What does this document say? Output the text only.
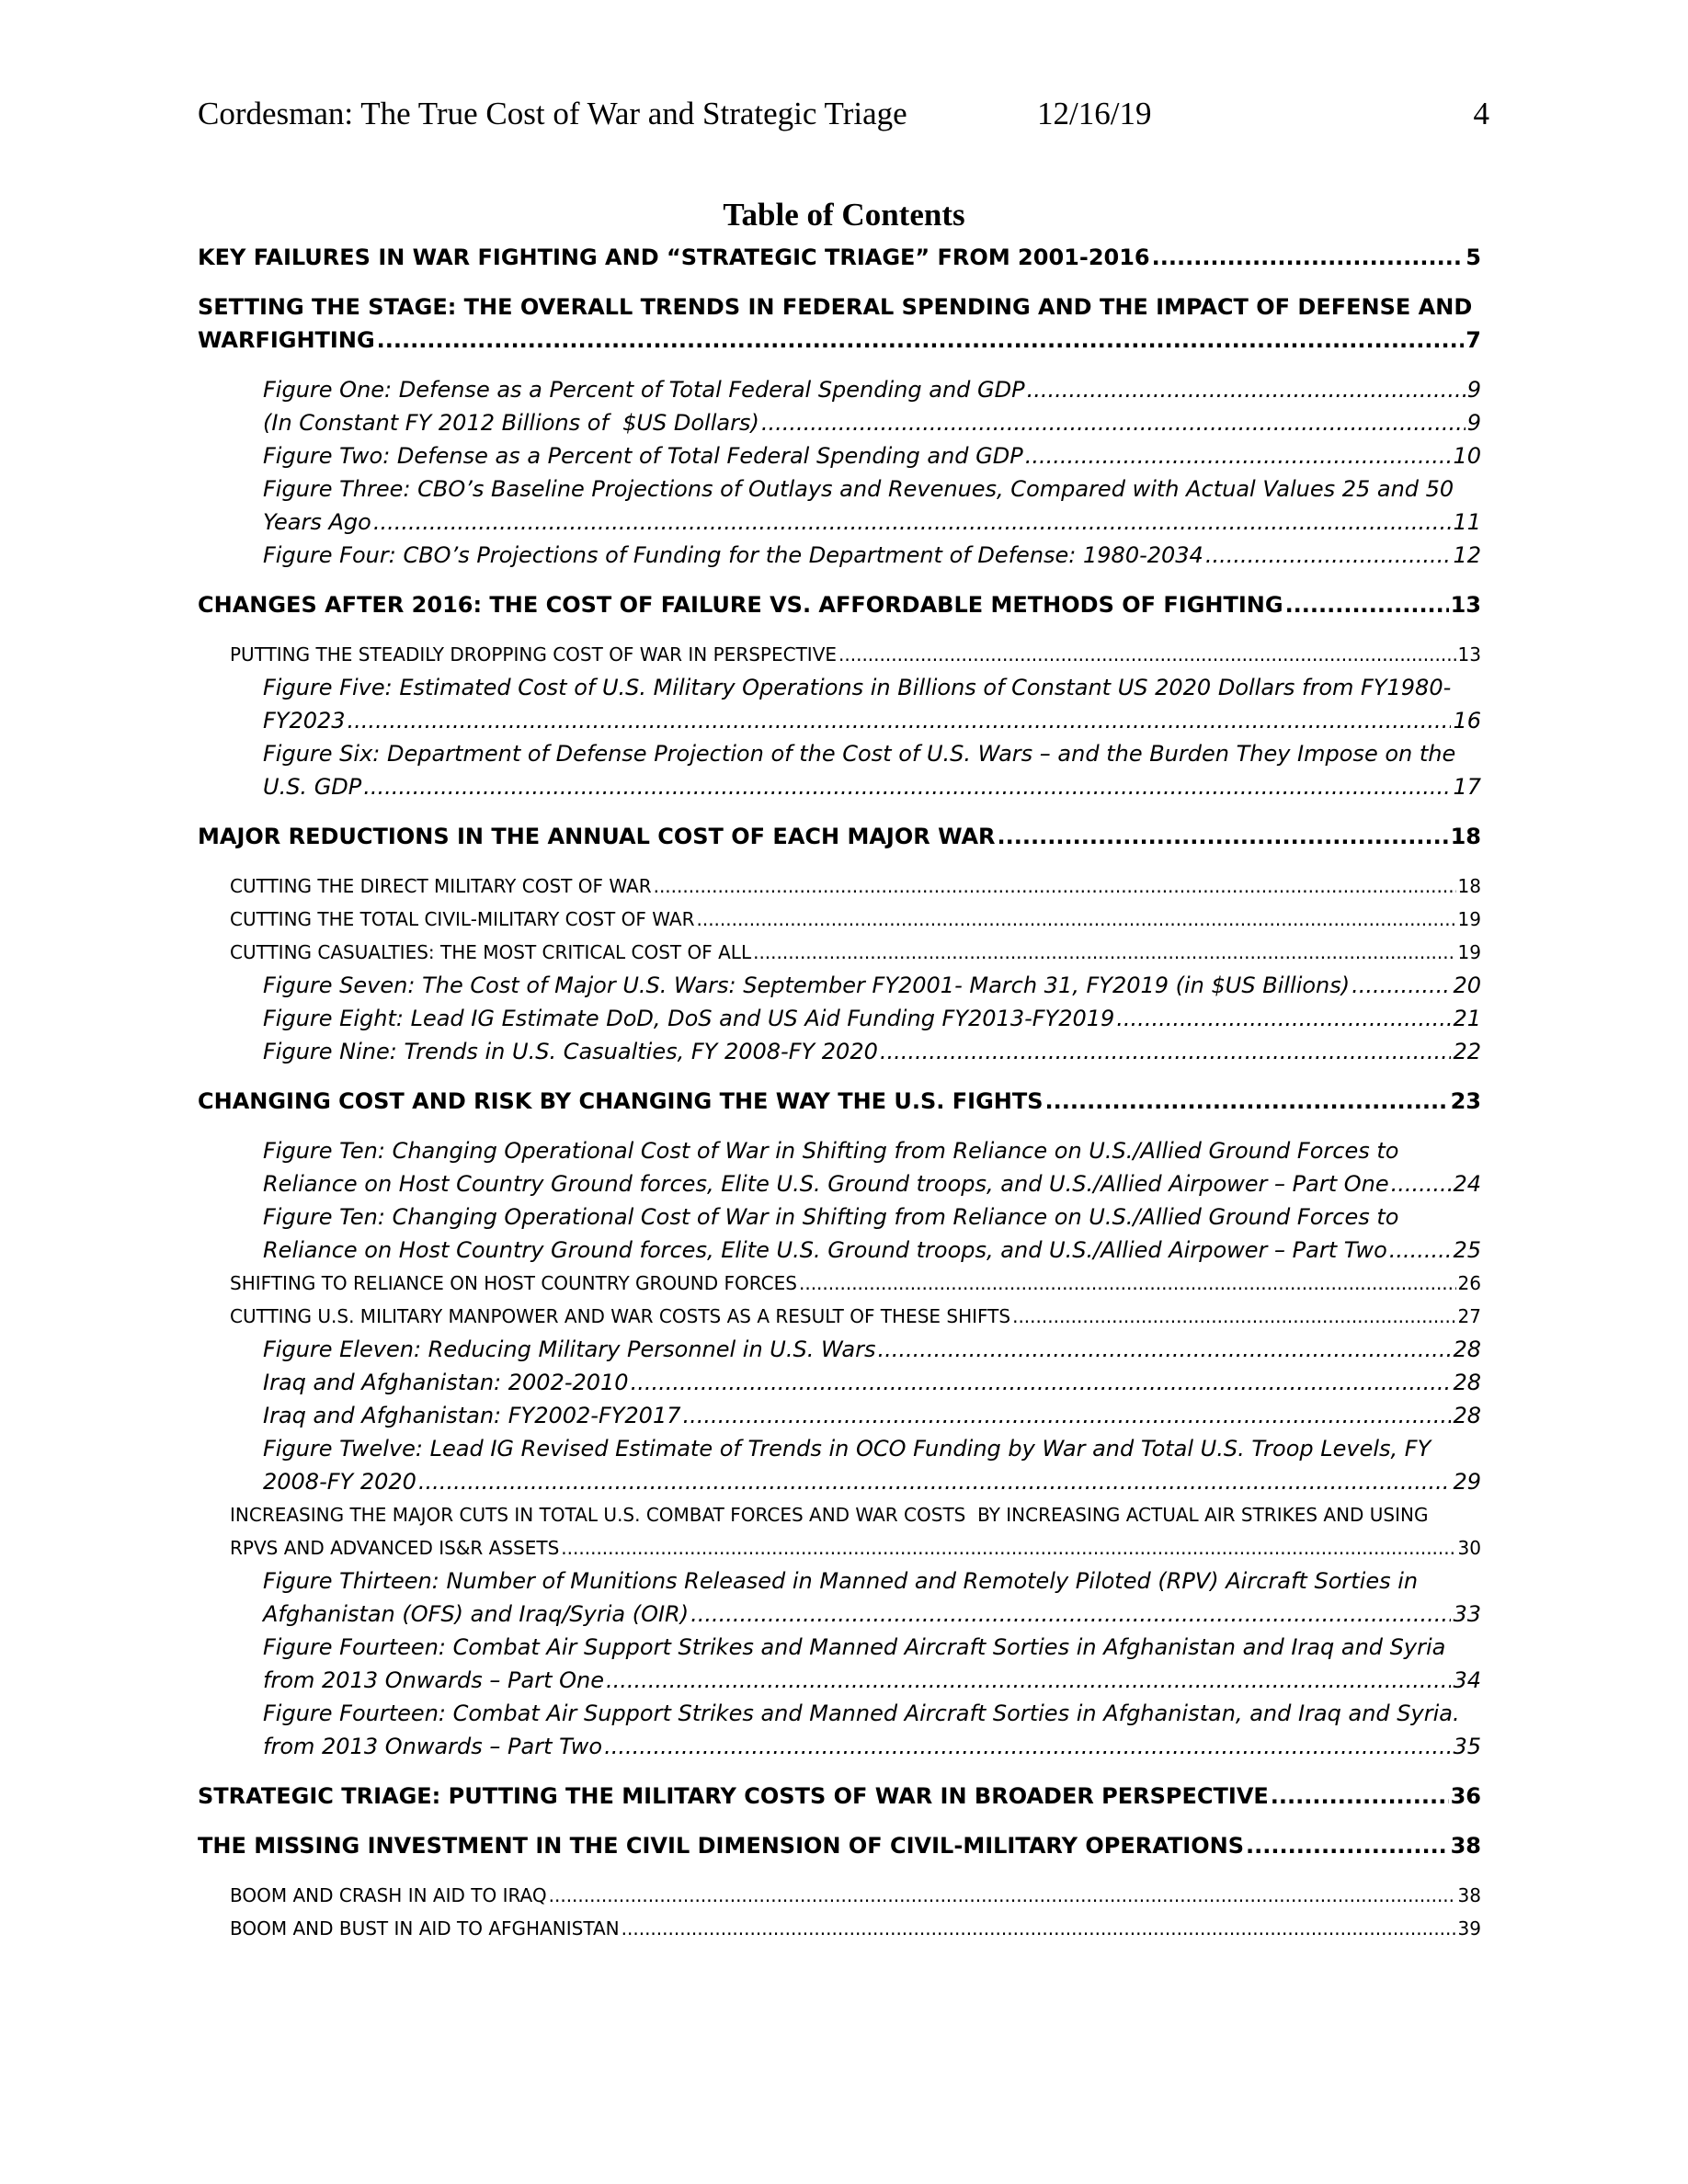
Cordesman: The True Cost of War and Strategic Triage	12/16/19	4
Table of Contents
KEY FAILURES IN WAR FIGHTING AND “STRATEGIC TRIAGE” FROM 2001-2016 .....	5
SETTING THE STAGE: THE OVERALL TRENDS IN FEDERAL SPENDING AND THE IMPACT OF DEFENSE AND
WARFIGHTING .....	7
Figure One: Defense as a Percent of Total Federal Spending and GDP .....	9
(In Constant FY 2012 Billions of  $US Dollars) .....	9
Figure Two: Defense as a Percent of Total Federal Spending and GDP .....	10
Figure Three: CBO’s Baseline Projections of Outlays and Revenues, Compared with Actual Values 25 and 50
Years Ago .....	11
Figure Four: CBO’s Projections of Funding for the Department of Defense: 1980-2034 .....	12
CHANGES AFTER 2016: THE COST OF FAILURE VS. AFFORDABLE METHODS OF FIGHTING .....	13
PUTTING THE STEADILY DROPPING COST OF WAR IN PERSPECTIVE .....	13
Figure Five: Estimated Cost of U.S. Military Operations in Billions of Constant US 2020 Dollars from FY1980-
FY2023 .....	16
Figure Six: Department of Defense Projection of the Cost of U.S. Wars – and the Burden They Impose on the
U.S. GDP .....	17
MAJOR REDUCTIONS IN THE ANNUAL COST OF EACH MAJOR WAR .....	18
CUTTING THE DIRECT MILITARY COST OF WAR .....	18
CUTTING THE TOTAL CIVIL-MILITARY COST OF WAR .....	19
CUTTING CASUALTIES: THE MOST CRITICAL COST OF ALL .....	19
Figure Seven: The Cost of Major U.S. Wars: September FY2001- March 31, FY2019 (in $US Billions) .....	20
Figure Eight: Lead IG Estimate DoD, DoS and US Aid Funding FY2013-FY2019 .....	21
Figure Nine: Trends in U.S. Casualties, FY 2008-FY 2020 .....	22
CHANGING COST AND RISK BY CHANGING THE WAY THE U.S. FIGHTS .....	23
Figure Ten: Changing Operational Cost of War in Shifting from Reliance on U.S./Allied Ground Forces to
Reliance on Host Country Ground forces, Elite U.S. Ground troops, and U.S./Allied Airpower – Part One .....	24
Figure Ten: Changing Operational Cost of War in Shifting from Reliance on U.S./Allied Ground Forces to
Reliance on Host Country Ground forces, Elite U.S. Ground troops, and U.S./Allied Airpower – Part Two .....	25
SHIFTING TO RELIANCE ON HOST COUNTRY GROUND FORCES .....	26
CUTTING U.S. MILITARY MANPOWER AND WAR COSTS AS A RESULT OF THESE SHIFTS .....	27
Figure Eleven: Reducing Military Personnel in U.S. Wars .....	28
Iraq and Afghanistan: 2002-2010 .....	28
Iraq and Afghanistan: FY2002-FY2017 .....	28
Figure Twelve: Lead IG Revised Estimate of Trends in OCO Funding by War and Total U.S. Troop Levels, FY
2008-FY 2020 .....	29
INCREASING THE MAJOR CUTS IN TOTAL U.S. COMBAT FORCES AND WAR COSTS  BY INCREASING ACTUAL AIR STRIKES AND USING
RPVS AND ADVANCED IS&R ASSETS .....	30
Figure Thirteen: Number of Munitions Released in Manned and Remotely Piloted (RPV) Aircraft Sorties in
Afghanistan (OFS) and Iraq/Syria (OIR) .....	33
Figure Fourteen: Combat Air Support Strikes and Manned Aircraft Sorties in Afghanistan and Iraq and Syria
from 2013 Onwards – Part One .....	34
Figure Fourteen: Combat Air Support Strikes and Manned Aircraft Sorties in Afghanistan, and Iraq and Syria.
from 2013 Onwards – Part Two .....	35
STRATEGIC TRIAGE: PUTTING THE MILITARY COSTS OF WAR IN BROADER PERSPECTIVE .....	36
THE MISSING INVESTMENT IN THE CIVIL DIMENSION OF CIVIL-MILITARY OPERATIONS .....	38
BOOM AND CRASH IN AID TO IRAQ .....	38
BOOM AND BUST IN AID TO AFGHANISTAN .....	39
